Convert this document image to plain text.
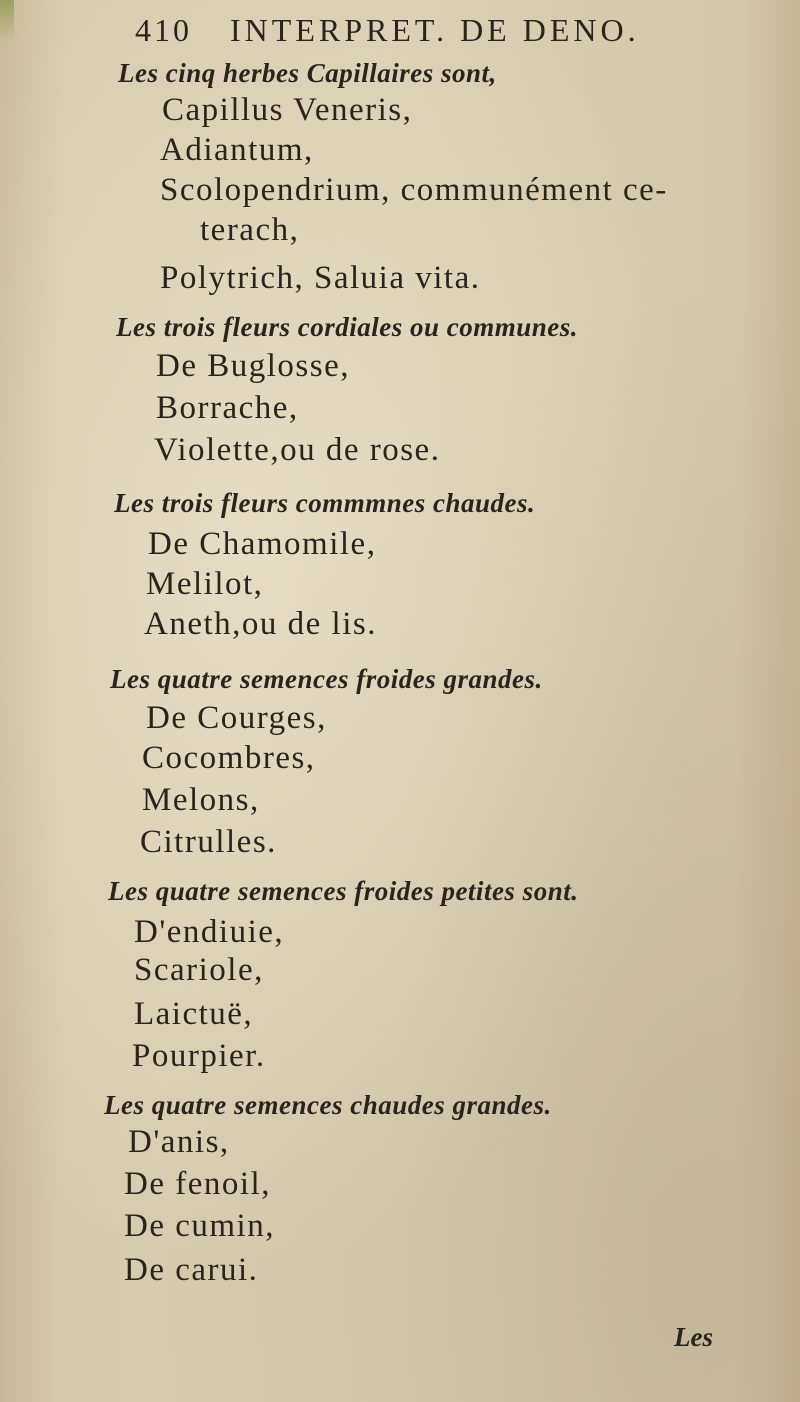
410 INTERPRET. DE DENO.
Les cinq herbes Capillaires sont,
Capillus Veneris,
Adiantum,
Scolopendrium, communément ce-
terach,
Polytrich, Saluia vita.
Les trois fleurs cordiales ou communes.
De Buglosse,
Borrache,
Violette,ou de rose.
Les trois fleurs commmnes chaudes.
De Chamomile,
Melilot,
Aneth,ou de lis.
Les quatre semences froides grandes.
De Courges,
Cocombres,
Melons,
Citrulles.
Les quatre semences froides petites sont.
D'endiuie,
Scariole,
Laictuë,
Pourpier.
Les quatre semences chaudes grandes.
D'anis,
De fenoil,
De cumin,
De carui.
Les
